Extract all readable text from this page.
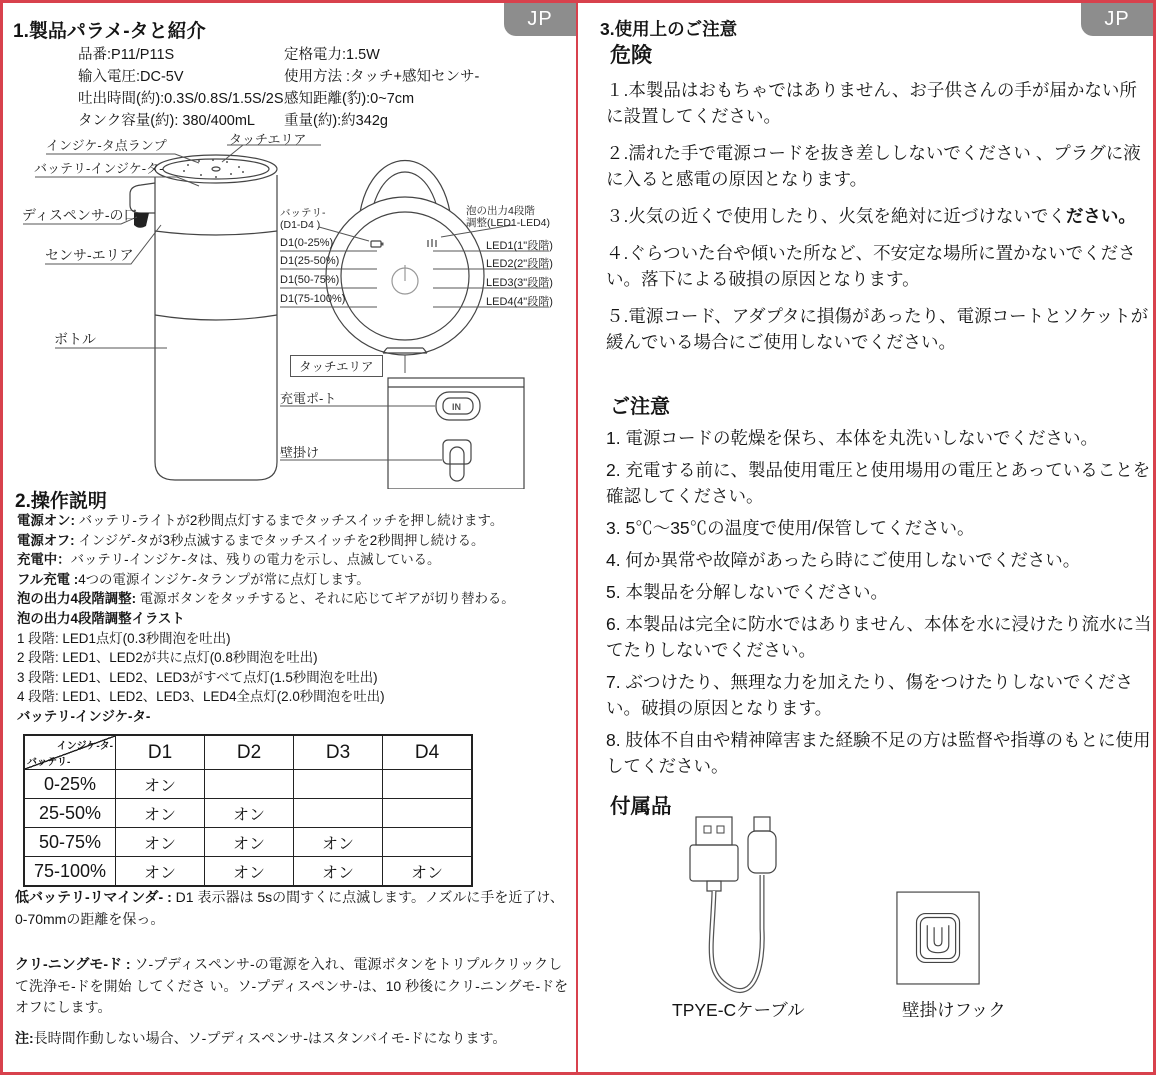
JP
1.製品パラメ-タと紹介
品番:P11/P11S
输入電圧:DC-5V
吐出時間(約):0.3S/0.8S/1.5S/2S
タンク容量(約): 380/400mL
定格電力:1.5W
使用方法 :タッチ+感知センサ-
感知距離(豹):0~7cm
重量(約):約342g
IN
インジケ-タ点ランプ
バッテリ-インジケ-タ-
タッチエリア
ディスペンサ-の口
センサ-エリア
ボトル
バッテリ-
(D1-D4 )
D1(0-25%)
D1(25-50%)
D1(50-75%)
D1(75-100%)
泡の出力4段階
調整(LED1-LED4)
LED1(1"段階)
LED2(2"段階)
LED3(3"段階)
LED4(4"段階)
タッチエリア
充電ポ-ト
壁掛け
2.操作説明
電源オン: バッテリ-ライトが2秒間点灯するまでタッチスイッチを押し続けます。
電源オフ: インジゲ-タが3秒点滅するまでタッチスイッチを2秒間押し続ける。
充電中：バッテリ-インジケ-タは、残りの電力を示し、点滅している。
フル充電 :4つの電源インジケ-タランプが常に点灯します。
泡の出力4段階調整: 電源ボタンをタッチすると、それに応じてギアが切り替わる。
泡の出力4段階調整イラスト
1 段階: LED1点灯(0.3秒間泡を吐出)
2 段階: LED1、LED2が共に点灯(0.8秒間泡を吐出)
3 段階: LED1、LED2、LED3がすべて点灯(1.5秒間泡を吐出)
4 段階: LED1、LED2、LED3、LED4全点灯(2.0秒間泡を吐出)
バッテリ-インジケ-タ-
インジケ-タ-
バッテリ-	D1	D2	D3	D4
0-25%	オン			
25-50%	オン	オン		
50-75%	オン	オン	オン	
75-100%	オン	オン	オン	オン

低バッテリ-リマインダ- : D1 表示器は 5sの間すくに点滅します。ノズルに手を近了け、0-70mmの距離を保っ。

クリ-ニングモ-ド : ソ-プディスペンサ-の電源を入れ、電源ボタンをトリプルクリックして洗浄モ-ドを開始 してくださ い。ソ-プディスペンサ-は、10 秒後にクリ-ニングモ-ドをオフにします。

注:長時間作動しない場合、ソ-プディスペンサ-はスタンバイモ-ドになります。

JP
3.使用上のご注意
危険

１.本製品はおもちゃではありません、お子供さんの手が届かない所に設置してください。

２.濡れた手で電源コードを抜き差ししないでください 、プラグに液に入ると感電の原因となります。

３.火気の近くで使用したり、火気を絶対に近づけないでください。

４.ぐらついた台や傾いた所など、不安定な場所に置かないでください。落下による破損の原因となります。

５.電源コード、アダプタに損傷があったり、電源コートとソケットが緩んでいる場合にご使用しないでください。

ご注意

1. 電源コードの乾燥を保ち、本体を丸洗いしないでください。

2. 充電する前に、製品使用電圧と使用場用の電圧とあっていることを確認してください。

3. 5℃～35℃の温度で使用/保管してください。

4. 何か異常や故障があったら時にご使用しないでください。

5. 本製品を分解しないでください。

6. 本製品は完全に防水ではありません、本体を水に浸けたり流水に当てたりしないでください。

7. ぶつけたり、無理な力を加えたり、傷をつけたりしないでください。破損の原因となります。

8. 肢体不自由や精神障害また経験不足の方は監督や指導のもとに使用してください。

付属品
TPYE-Cケーブル	壁掛けフック
